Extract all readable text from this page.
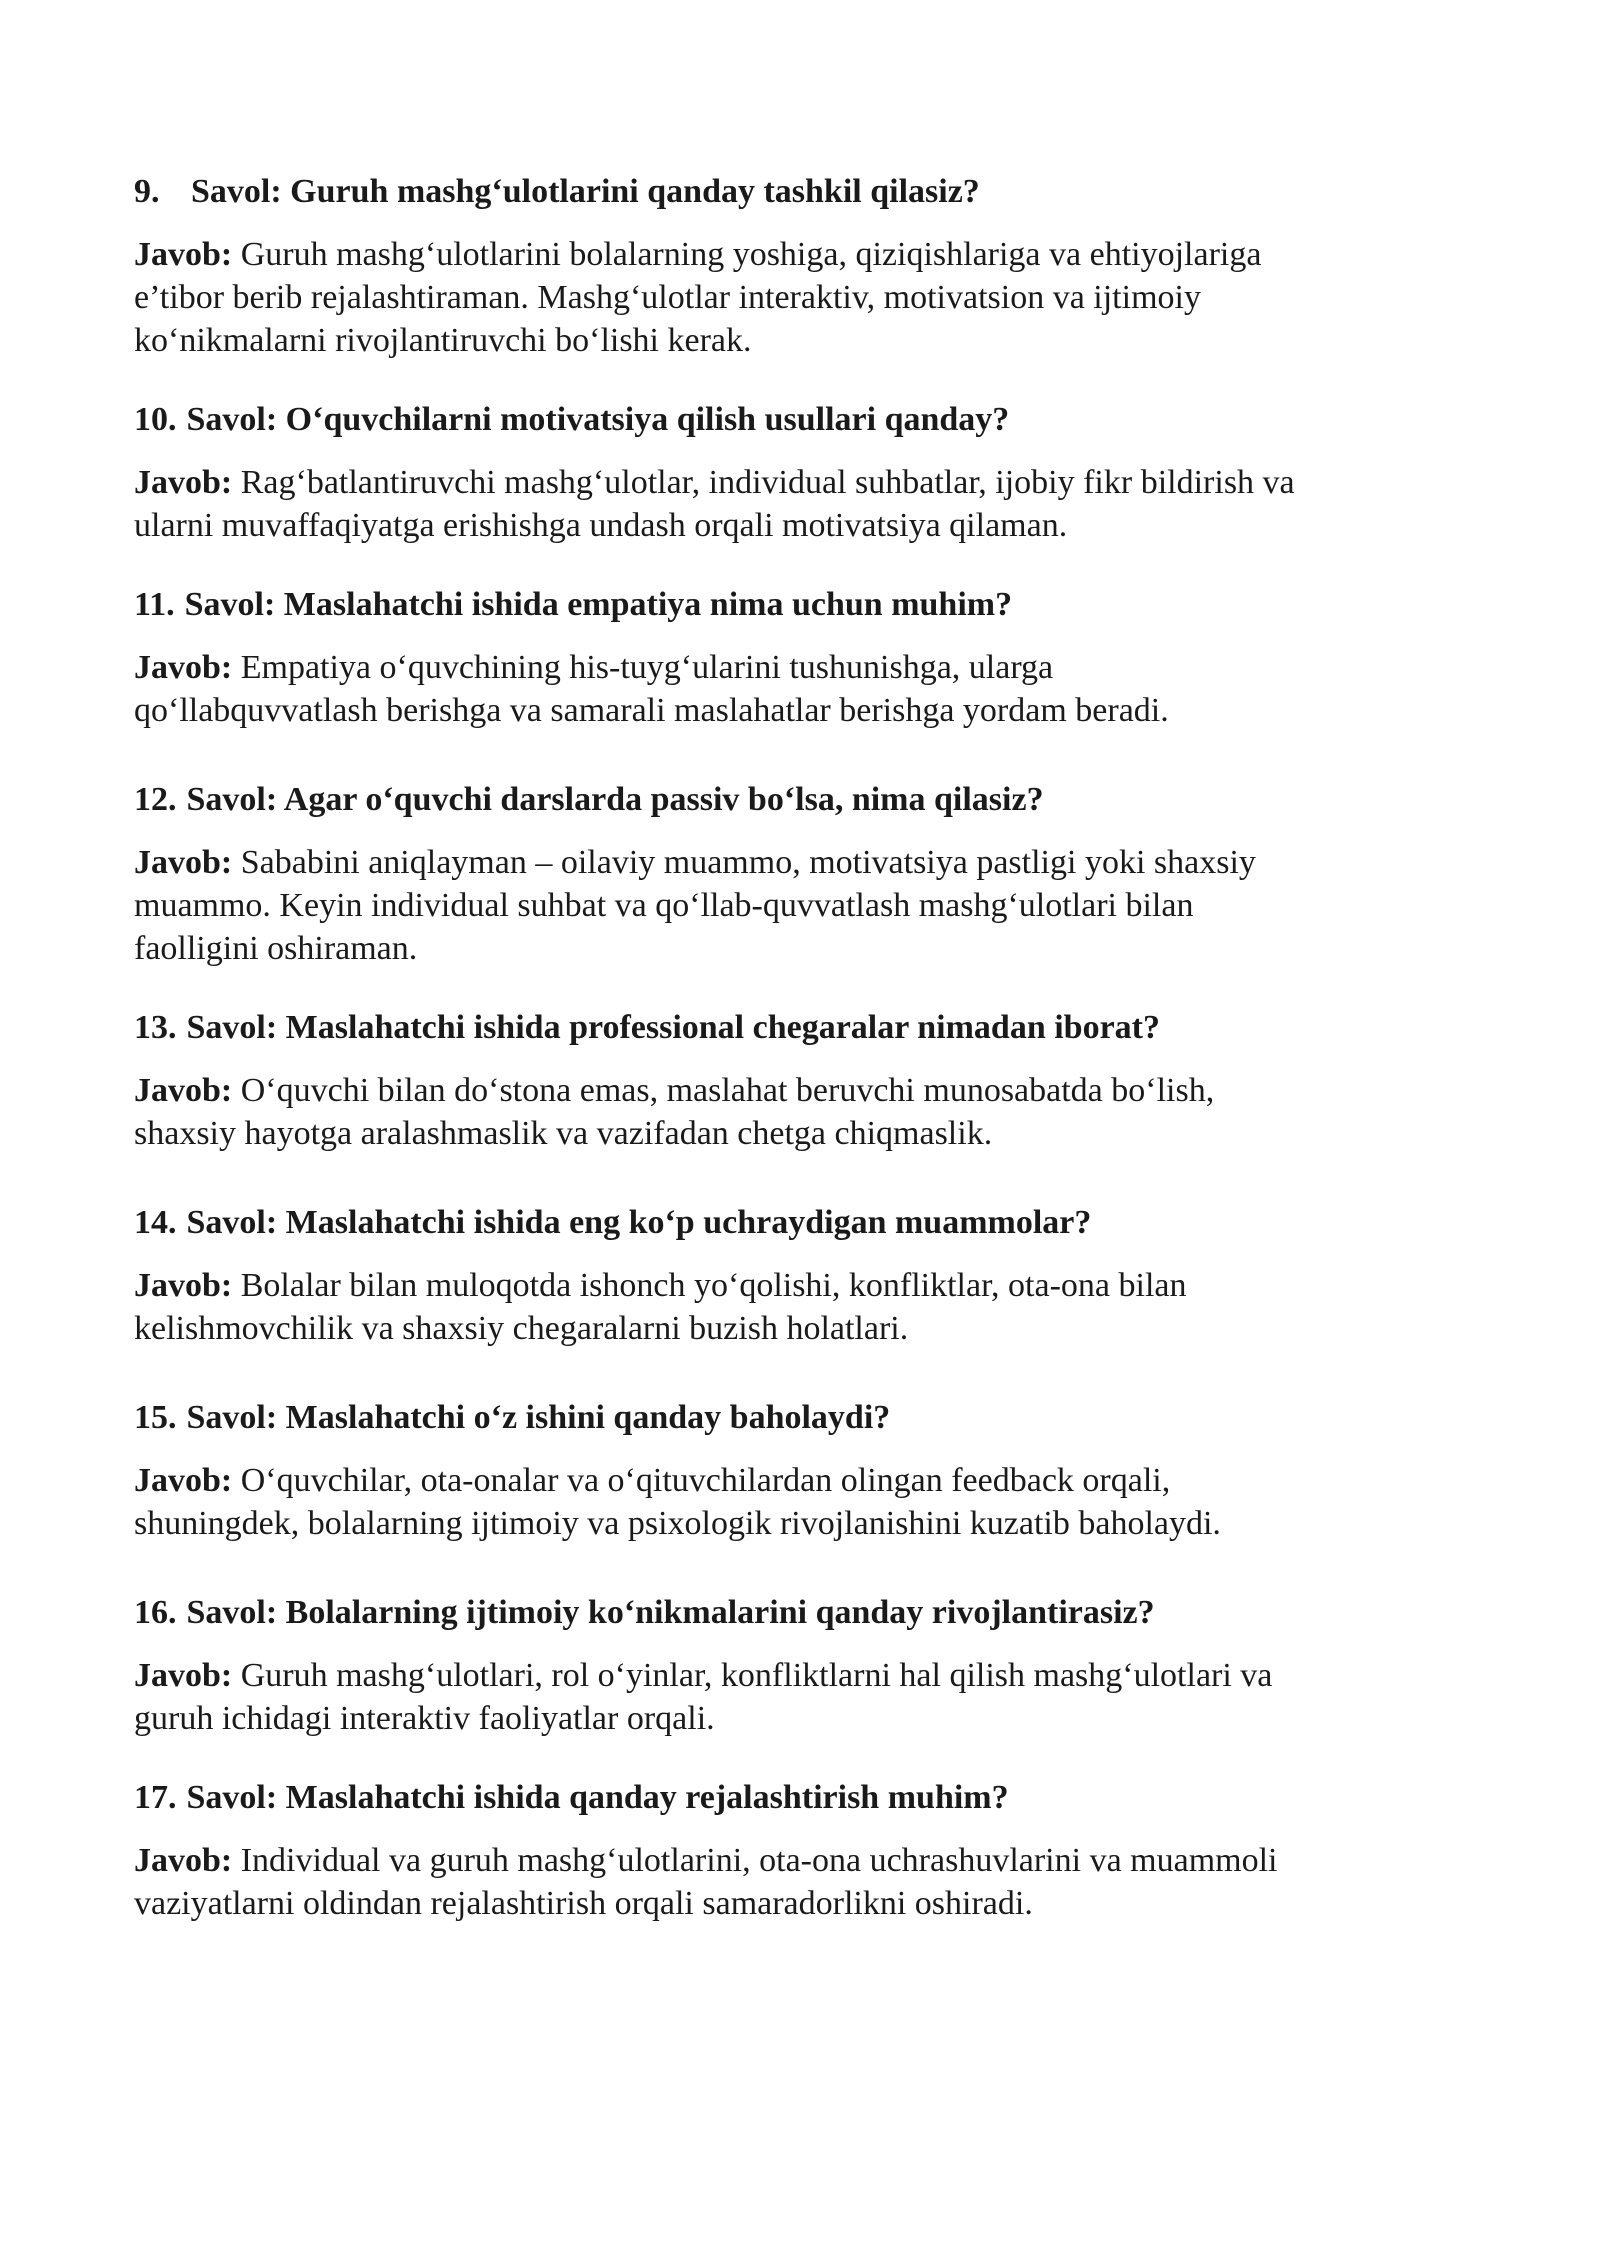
9. Savol: Guruh mashg‘ulotlarini qanday tashkil qilasiz?

Javob: Guruh mashg‘ulotlarini bolalarning yoshiga, qiziqishlariga va ehtiyojlariga
e’tibor berib rejalashtiraman. Mashg‘ulotlar interaktiv, motivatsion va ijtimoiy
ko‘nikmalarni rivojlantiruvchi bo‘lishi kerak.

10. Savol: O‘quvchilarni motivatsiya qilish usullari qanday?

Javob: Rag‘batlantiruvchi mashg‘ulotlar, individual suhbatlar, ijobiy fikr bildirish va
ularni muvaffaqiyatga erishishga undash orqali motivatsiya qilaman.

11. Savol: Maslahatchi ishida empatiya nima uchun muhim?

Javob: Empatiya o‘quvchining his-tuyg‘ularini tushunishga, ularga
qo‘llabquvvatlash berishga va samarali maslahatlar berishga yordam beradi.

12. Savol: Agar o‘quvchi darslarda passiv bo‘lsa, nima qilasiz?

Javob: Sababini aniqlayman – oilaviy muammo, motivatsiya pastligi yoki shaxsiy
muammo. Keyin individual suhbat va qo‘llab-quvvatlash mashg‘ulotlari bilan
faolligini oshiraman.

13. Savol: Maslahatchi ishida professional chegaralar nimadan iborat?

Javob: O‘quvchi bilan do‘stona emas, maslahat beruvchi munosabatda bo‘lish,
shaxsiy hayotga aralashmaslik va vazifadan chetga chiqmaslik.

14. Savol: Maslahatchi ishida eng ko‘p uchraydigan muammolar?

Javob: Bolalar bilan muloqotda ishonch yo‘qolishi, konfliktlar, ota-ona bilan
kelishmovchilik va shaxsiy chegaralarni buzish holatlari.

15. Savol: Maslahatchi o‘z ishini qanday baholaydi?

Javob: O‘quvchilar, ota-onalar va o‘qituvchilardan olingan feedback orqali,
shuningdek, bolalarning ijtimoiy va psixologik rivojlanishini kuzatib baholaydi.

16. Savol: Bolalarning ijtimoiy ko‘nikmalarini qanday rivojlantirasiz?

Javob: Guruh mashg‘ulotlari, rol o‘yinlar, konfliktlarni hal qilish mashg‘ulotlari va
guruh ichidagi interaktiv faoliyatlar orqali.

17. Savol: Maslahatchi ishida qanday rejalashtirish muhim?

Javob: Individual va guruh mashg‘ulotlarini, ota-ona uchrashuvlarini va muammoli
vaziyatlarni oldindan rejalashtirish orqali samaradorlikni oshiradi.
